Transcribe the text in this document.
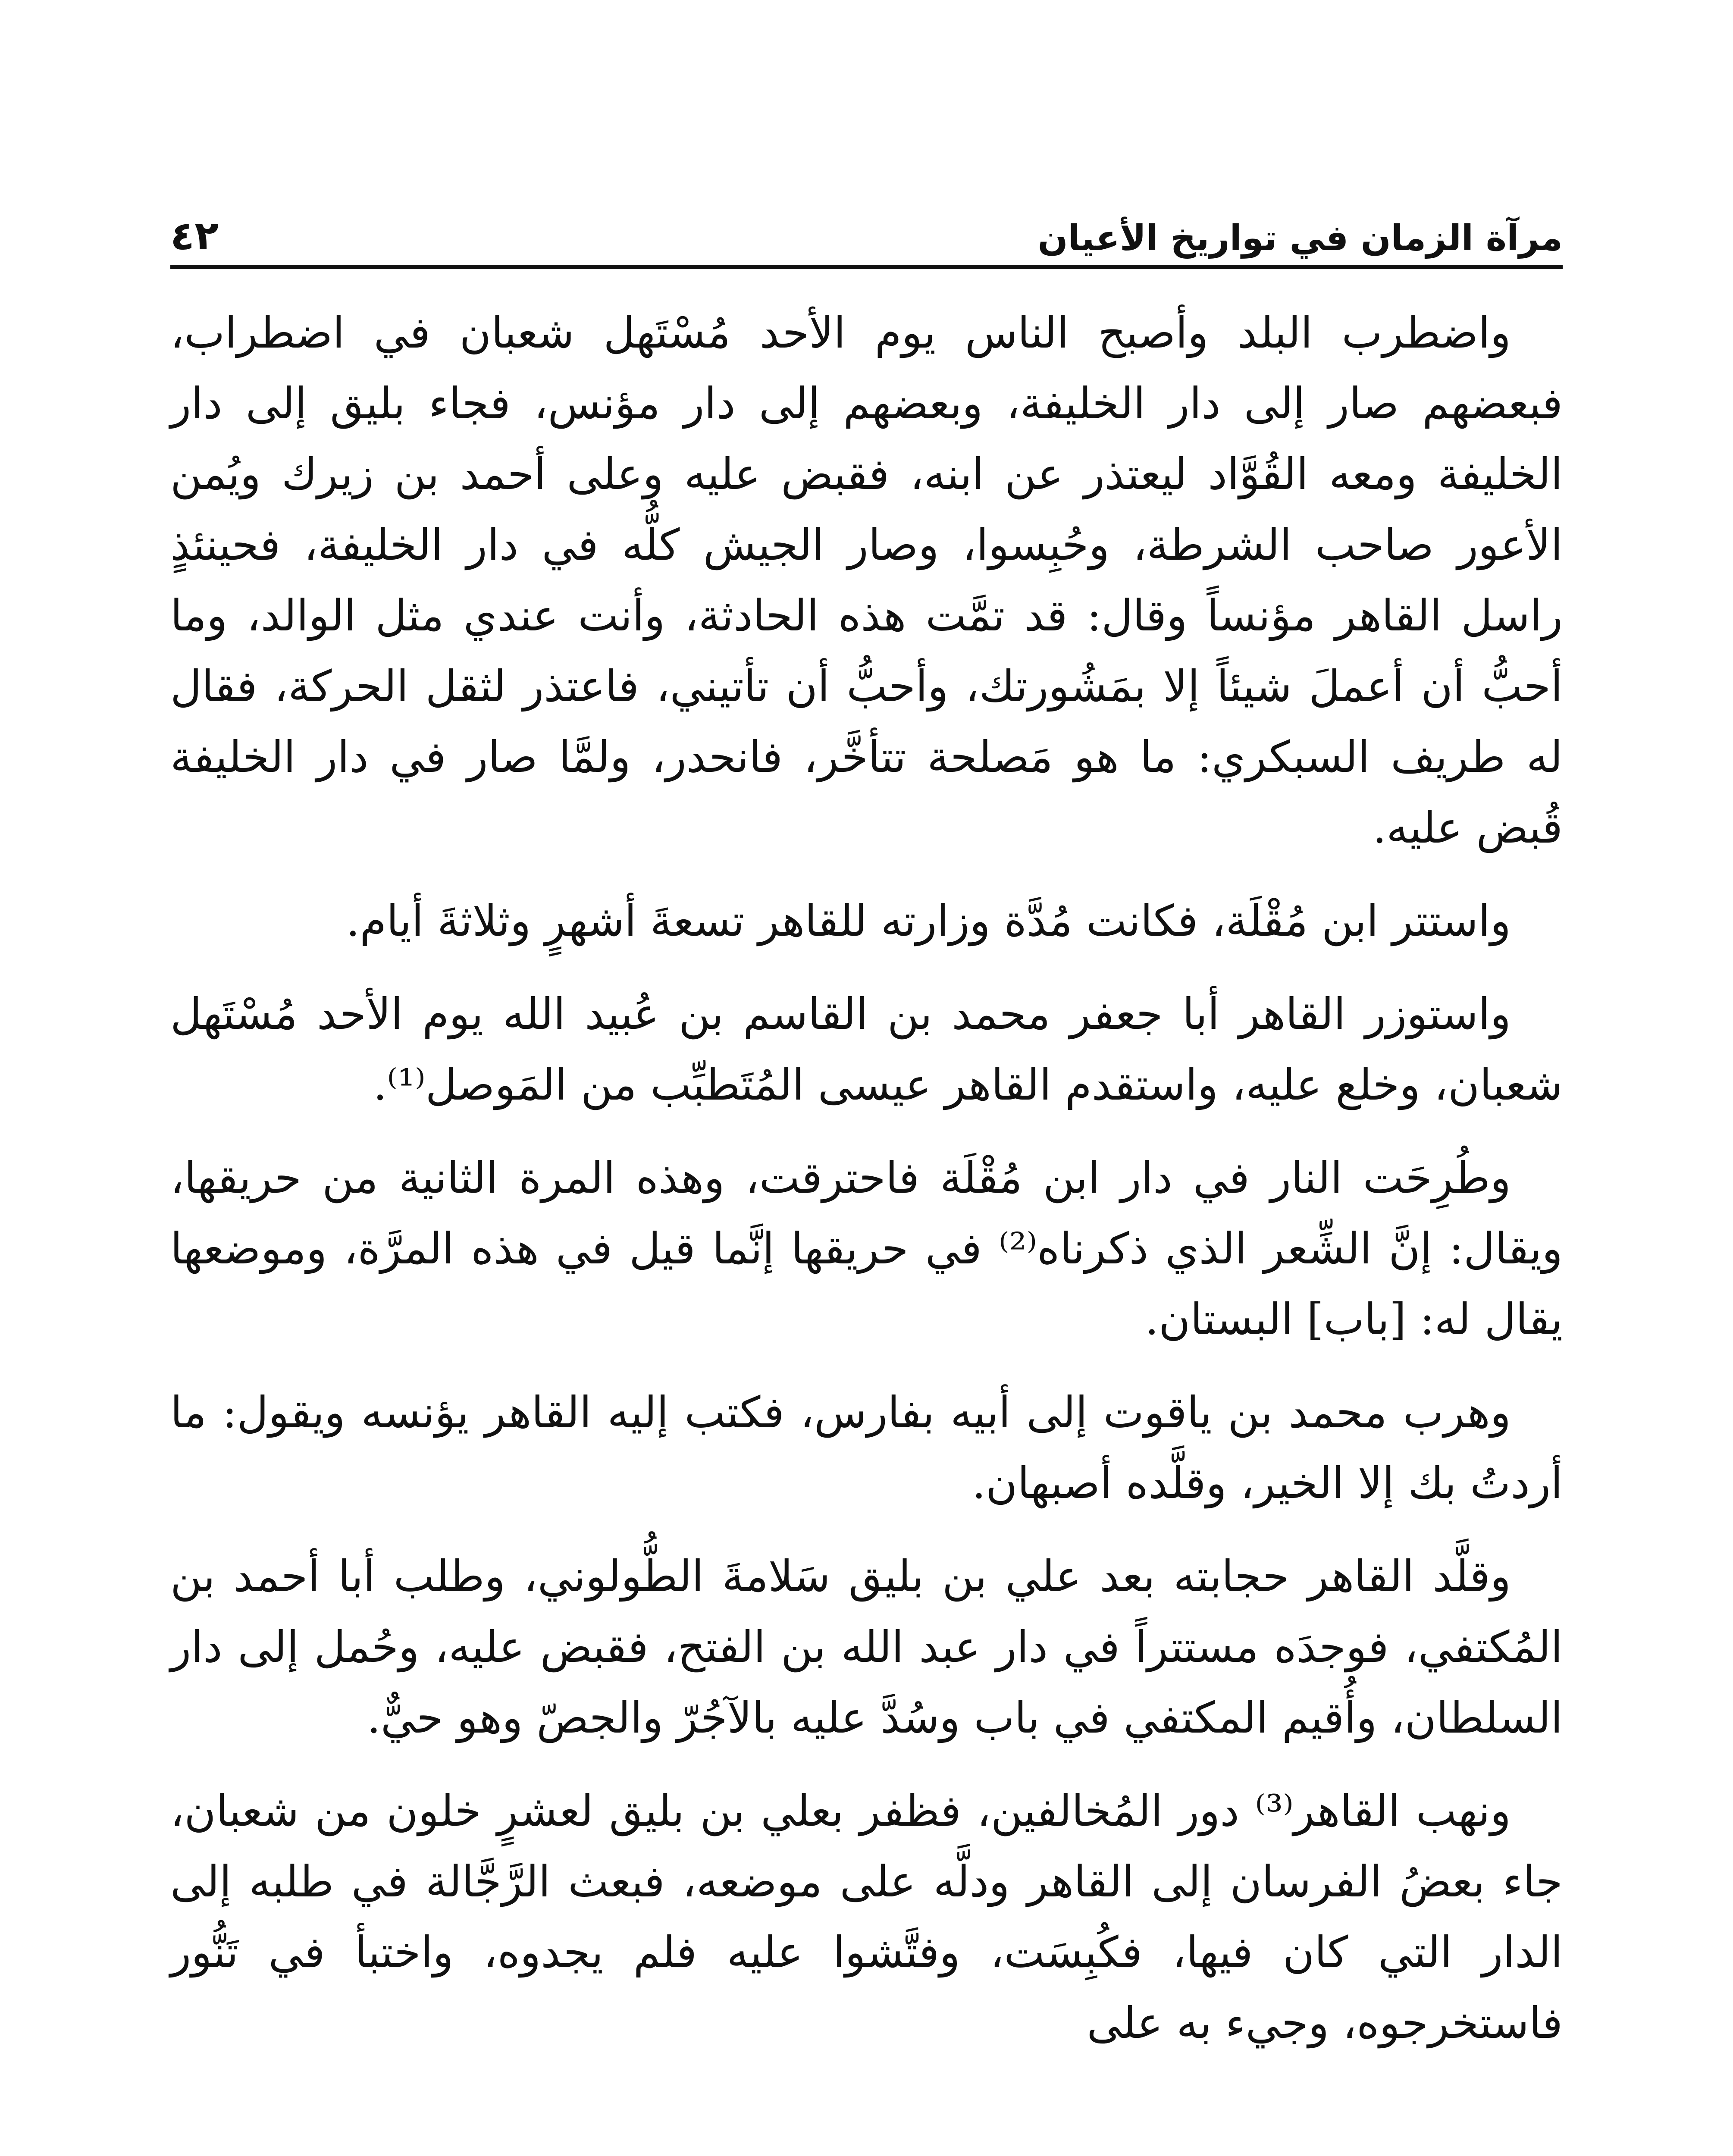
مرآة الزمان في تواريخ الأعيان
٤٢

واضطرب البلد وأصبح الناس يوم الأحد مُسْتَهل شعبان في اضطراب، فبعضهم صار إلى دار الخليفة، وبعضهم إلى دار مؤنس، فجاء بليق إلى دار الخليفة ومعه القُوَّاد ليعتذر عن ابنه، فقبض عليه وعلى أحمد بن زيرك ويُمن الأعور صاحب الشرطة، وحُبِسوا، وصار الجيش كلُّه في دار الخليفة، فحينئذٍ راسل القاهر مؤنساً وقال: قد تمَّت هذه الحادثة، وأنت عندي مثل الوالد، وما أحبُّ أن أعملَ شيئاً إلا بمَشُورتك، وأحبُّ أن تأتيني، فاعتذر لثقل الحركة، فقال له طريف السبكري: ما هو مَصلحة تتأخَّر، فانحدر، ولمَّا صار في دار الخليفة قُبض عليه.

واستتر ابن مُقْلَة، فكانت مُدَّة وزارته للقاهر تسعةَ أشهرٍ وثلاثةَ أيام.

واستوزر القاهر أبا جعفر محمد بن القاسم بن عُبيد الله يوم الأحد مُسْتَهل شعبان، وخلع عليه، واستقدم القاهر عيسى المُتَطبِّب من المَوصل⁽¹⁾.

وطُرِحَت النار في دار ابن مُقْلَة فاحترقت، وهذه المرة الثانية من حريقها، ويقال: إنَّ الشِّعر الذي ذكرناه⁽²⁾ في حريقها إنَّما قيل في هذه المرَّة، وموضعها يقال له: [باب] البستان.

وهرب محمد بن ياقوت إلى أبيه بفارس، فكتب إليه القاهر يؤنسه ويقول: ما أردتُ بك إلا الخير، وقلَّده أصبهان.

وقلَّد القاهر حجابته بعد علي بن بليق سَلامةَ الطُّولوني، وطلب أبا أحمد بن المُكتفي، فوجدَه مستتراً في دار عبد الله بن الفتح، فقبض عليه، وحُمل إلى دار السلطان، وأُقيم المكتفي في باب وسُدَّ عليه بالآجُرّ والجصّ وهو حيٌّ.

ونهب القاهر⁽³⁾ دور المُخالفين، فظفر بعلي بن بليق لعشرٍ خلون من شعبان، جاء بعضُ الفرسان إلى القاهر ودلَّه على موضعه، فبعث الرَّجَّالة في طلبه إلى الدار التي كان فيها، فكُبِسَت، وفتَّشوا عليه فلم يجدوه، واختبأ في تَنُّور فاستخرجوه، وجيء به على
